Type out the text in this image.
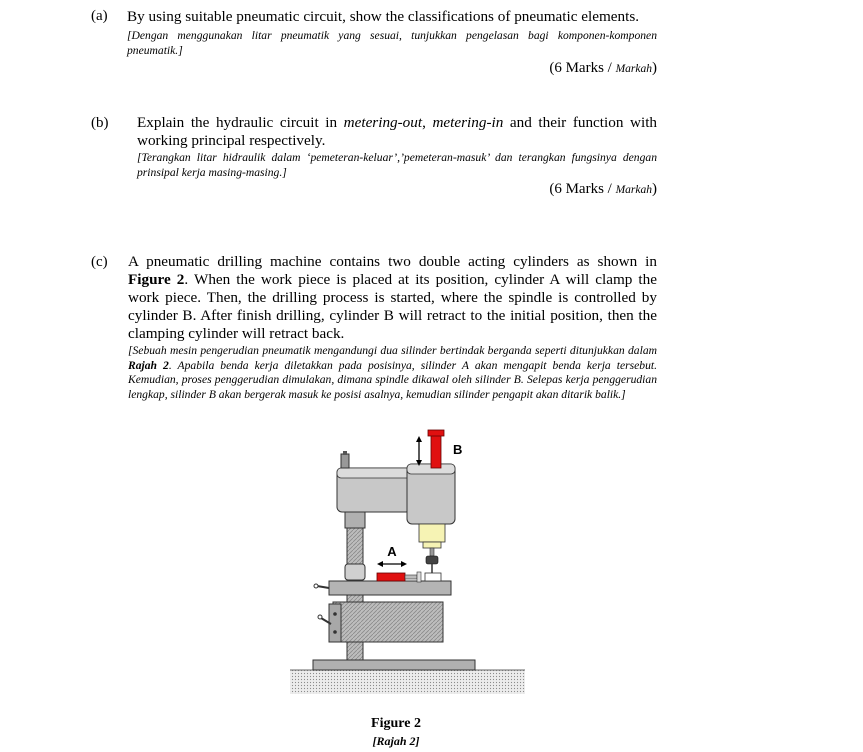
(a) By using suitable pneumatic circuit, show the classifications of pneumatic elements.
[Dengan menggunakan litar pneumatik yang sesuai, tunjukkan pengelasan bagi komponen-komponen pneumatik.]
(6 Marks / Markah)
(b) Explain the hydraulic circuit in metering-out, metering-in and their function with working principal respectively.
[Terangkan litar hidraulik dalam ‘pemeteran-keluar’,’pemeteran-masuk’ dan terangkan fungsinya dengan prinsipal kerja masing-masing.]
(6 Marks / Markah)
(c) A pneumatic drilling machine contains two double acting cylinders as shown in Figure 2. When the work piece is placed at its position, cylinder A will clamp the work piece. Then, the drilling process is started, where the spindle is controlled by cylinder B. After finish drilling, cylinder B will retract to the initial position, then the clamping cylinder will retract back.
[Sebuah mesin pengerudian pneumatik mengandungi dua silinder bertindak berganda seperti ditunjukkan dalam Rajah 2. Apabila benda kerja diletakkan pada posisinya, silinder A akan mengapit benda kerja tersebut. Kemudian, proses penggerudian dimulakan, dimana spindle dikawal oleh silinder B. Selepas kerja penggerudian lengkap, silinder B akan bergerak masuk ke posisi asalnya, kemudian silinder pengapit akan ditarik balik.]
A
B
Figure 2
[Rajah 2]
